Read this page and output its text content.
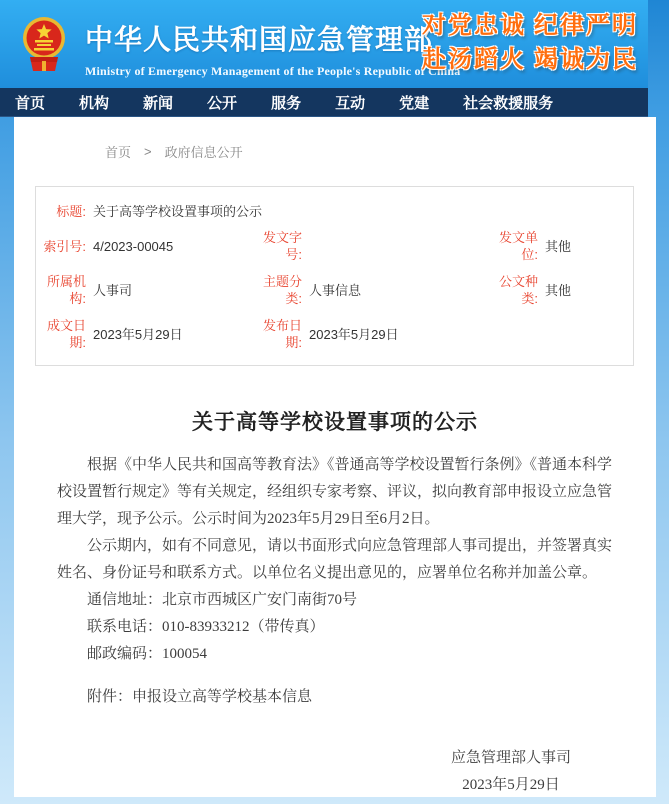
中华人民共和国应急管理部
Ministry of Emergency Management of the People's Republic of China
对党忠诚 纪律严明
赴汤蹈火 竭诚为民
首页 机构 新闻 公开 服务 互动 党建 社会救援服务
首页 > 政府信息公开
标题: 关于高等学校设置事项的公示
索引号: 4/2023-00045
发文字号:
发文单位:
其他
所属机构:
人事司
主题分类:
人事信息
公文种类:
其他
成文日期:
2023年5月29日
发布日期:
2023年5月29日
关于高等学校设置事项的公示
根据《中华人民共和国高等教育法》《普通高等学校设置暂行条例》《普通本科学校设置暂行规定》等有关规定，经组织专家考察、评议，拟向教育部申报设立应急管理大学，现予公示。公示时间为2023年5月29日至6月2日。
公示期内，如有不同意见，请以书面形式向应急管理部人事司提出，并签署真实姓名、身份证号和联系方式。以单位名义提出意见的，应署单位名称并加盖公章。
通信地址：北京市西城区广安门南街70号
联系电话：010-83933212（带传真）
邮政编码：100054
附件：申报设立高等学校基本信息
应急管理部人事司
2023年5月29日
